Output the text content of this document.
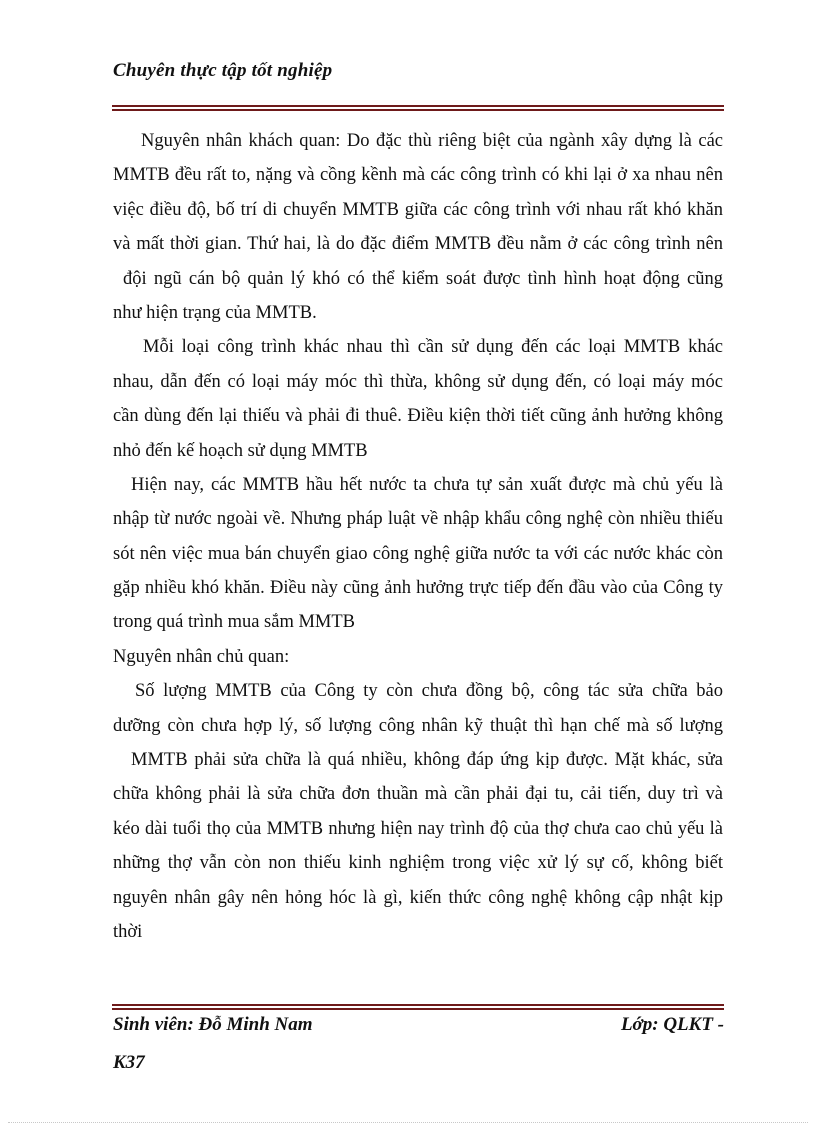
Chuyên thực tập tốt nghiệp
Nguyên nhân khách quan: Do đặc thù riêng biệt của ngành xây dựng là các
MMTB đều rất to, nặng và cồng kềnh mà các công trình có khi lại ở xa nhau nên
việc điều độ, bố trí di chuyển MMTB giữa các công trình với nhau rất khó khăn
và mất thời gian. Thứ hai, là do đặc điểm MMTB đều nằm ở các công trình nên
đội ngũ cán bộ quản lý khó có thể kiểm soát được tình hình hoạt động cũng
như hiện trạng của MMTB.
Mỗi loại công trình khác nhau thì cần sử dụng đến các loại MMTB khác
nhau, dẫn đến có loại máy móc thì thừa, không sử dụng đến, có loại máy móc
cần dùng đến lại thiếu và phải đi thuê. Điều kiện thời tiết cũng ảnh hưởng không
nhỏ đến kế hoạch sử dụng MMTB
Hiện nay, các MMTB hầu hết nước ta chưa tự sản xuất được mà chủ yếu là
nhập từ nước ngoài về. Nhưng pháp luật về nhập khẩu công nghệ còn nhiều thiếu
sót nên việc mua bán chuyển giao công nghệ giữa nước ta với các nước khác còn
gặp nhiều khó khăn. Điều này cũng ảnh hưởng trực tiếp đến đầu vào của Công ty
trong quá trình mua sắm MMTB
Nguyên nhân chủ quan:
Số lượng MMTB của Công ty còn chưa đồng bộ, công tác sửa chữa bảo
dưỡng còn chưa hợp lý, số lượng công nhân kỹ thuật thì hạn chế mà số lượng
MMTB phải sửa chữa là quá nhiều, không đáp ứng kịp được. Mặt khác, sửa
chữa không phải là sửa chữa đơn thuần mà cần phải đại tu, cải tiến, duy trì và
kéo dài tuổi thọ của MMTB nhưng hiện nay trình độ của thợ chưa cao chủ yếu là
những thợ vẫn còn non thiếu kinh nghiệm trong việc xử lý sự cố, không biết
nguyên nhân gây nên hỏng hóc là gì, kiến thức công nghệ không cập nhật kịp
thời
Sinh viên: Đỗ Minh Nam	Lớp: QLKT -
K37
